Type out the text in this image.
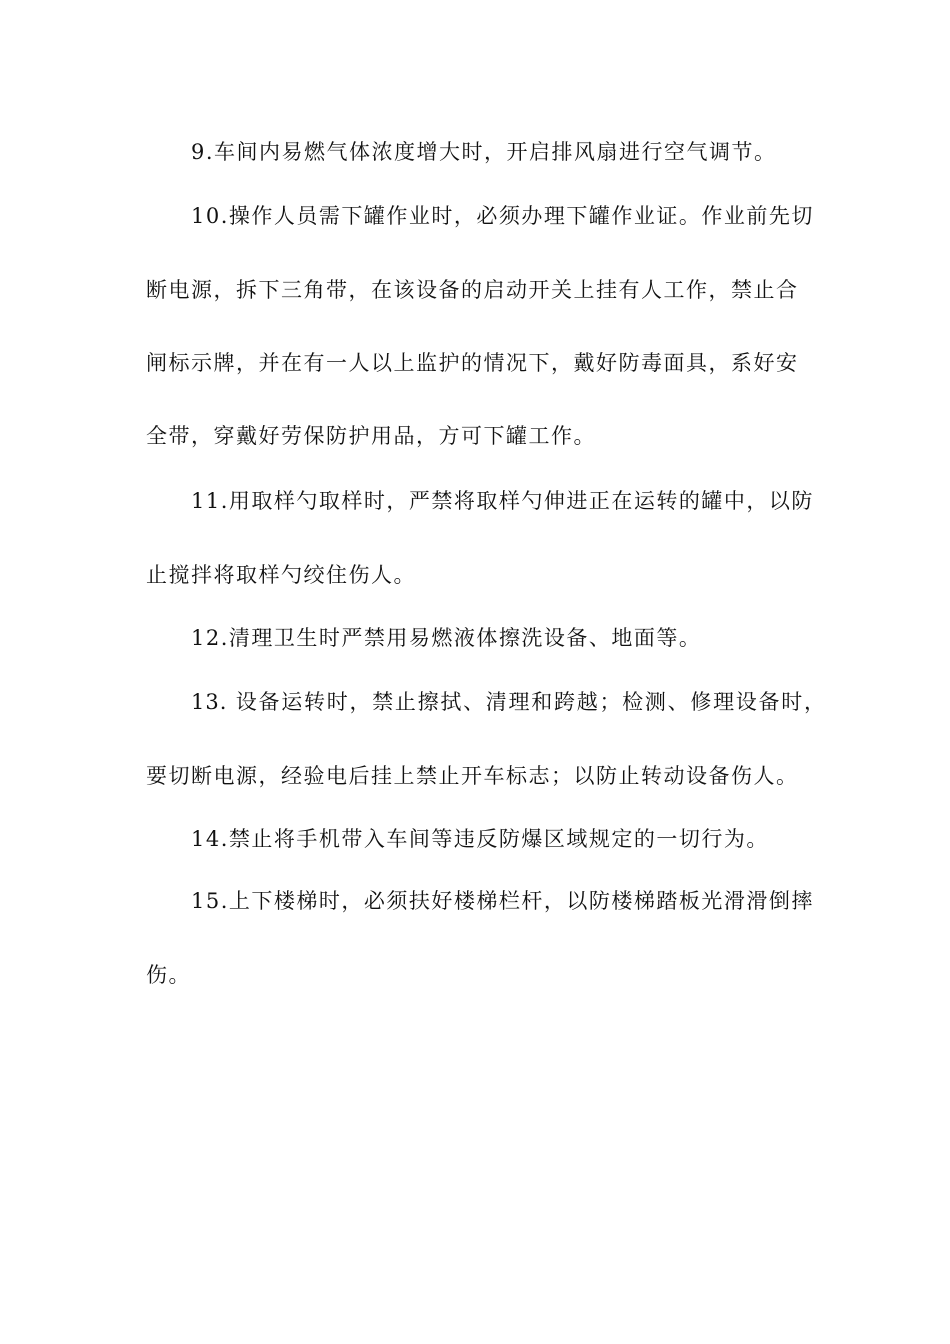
9.车间内易燃气体浓度增大时，开启排风扇进行空气调节。
10.操作人员需下罐作业时，必须办理下罐作业证。作业前先切
断电源，拆下三角带，在该设备的启动开关上挂有人工作，禁止合
闸标示牌，并在有一人以上监护的情况下，戴好防毒面具，系好安
全带，穿戴好劳保防护用品，方可下罐工作。
11.用取样勺取样时，严禁将取样勺伸进正在运转的罐中，以防
止搅拌将取样勺绞住伤人。
12.清理卫生时严禁用易燃液体擦洗设备、地面等。
13. 设备运转时，禁止擦拭、清理和跨越；检测、修理设备时，
要切断电源，经验电后挂上禁止开车标志；以防止转动设备伤人。
14.禁止将手机带入车间等违反防爆区域规定的一切行为。
15.上下楼梯时，必须扶好楼梯栏杆，以防楼梯踏板光滑滑倒摔
伤。
